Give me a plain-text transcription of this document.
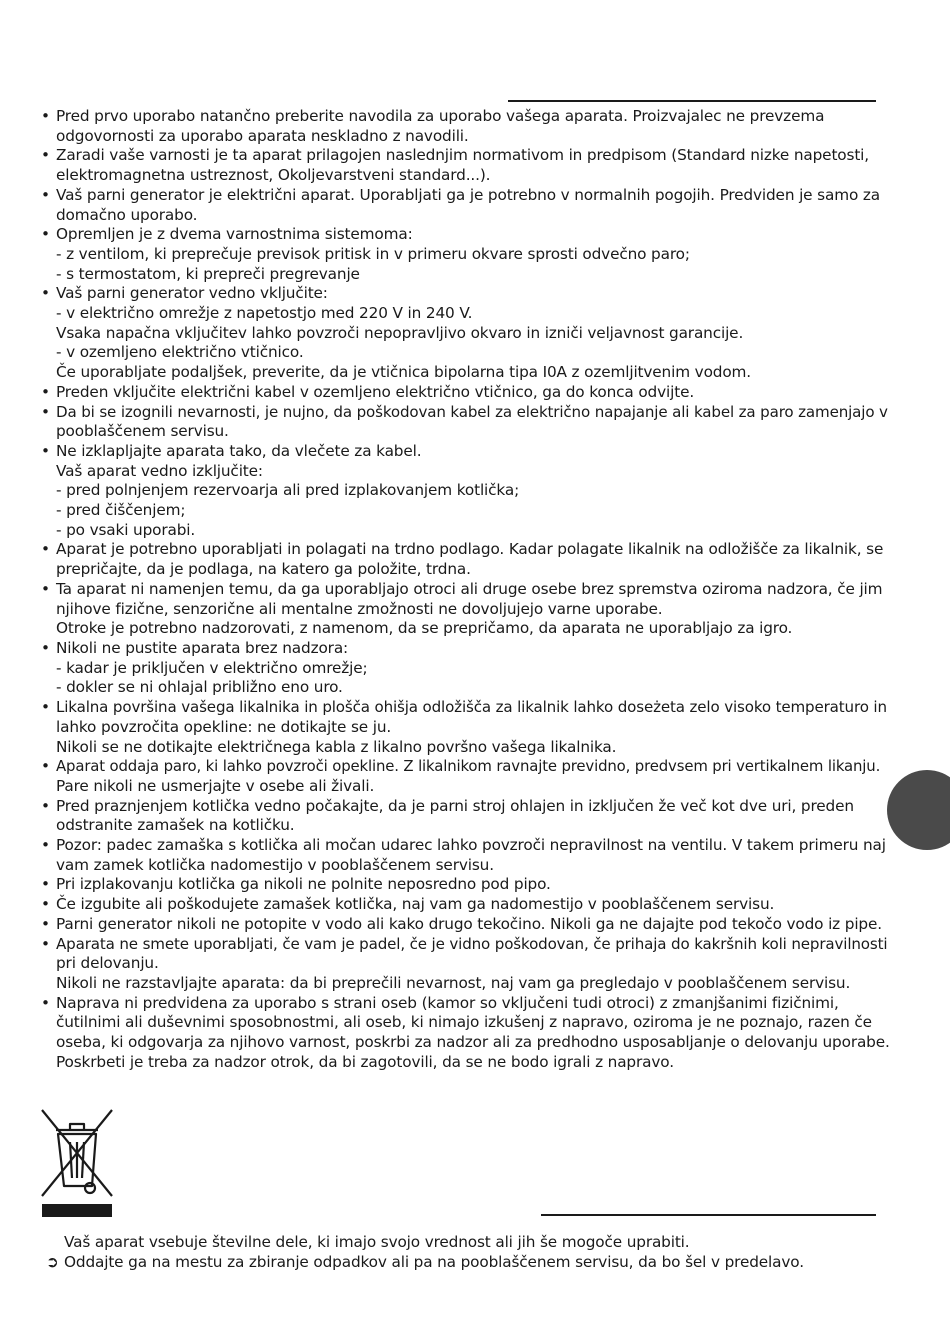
• Pred prvo uporabo natančno preberite navodila za uporabo vašega aparata. Proizvajalec ne prevzema
odgovornosti za uporabo aparata neskladno z navodili.
• Zaradi vaše varnosti je ta aparat prilagojen naslednjim normativom in predpisom (Standard nizke napetosti,
elektromagnetna ustreznost, Okoljevarstveni standard...).
• Vaš parni generator je električni aparat. Uporabljati ga je potrebno v normalnih pogojih. Predviden je samo za
domačno uporabo.
• Opremljen je z dvema varnostnima sistemoma:
- z ventilom, ki preprečuje previsok pritisk in v primeru okvare sprosti odvečno paro;
- s termostatom, ki prepreči pregrevanje
• Vaš parni generator vedno vključite:
- v električno omrežje z napetostjo med 220 V in 240 V.
Vsaka napačna vključitev lahko povzroči nepopravljivo okvaro in izniči veljavnost garancije.
- v ozemljeno električno vtičnico.
Če uporabljate podaljšek, preverite, da je vtičnica bipolarna tipa I0A z ozemljitvenim vodom.
• Preden vključite električni kabel v ozemljeno električno vtičnico, ga do konca odvijte.
• Da bi se izognili nevarnosti, je nujno, da poškodovan kabel za električno napajanje ali kabel za paro zamenjajo v
pooblaščenem servisu.
• Ne izklapljajte aparata tako, da vlečete za kabel.
Vaš aparat vedno izključite:
- pred polnjenjem rezervoarja ali pred izplakovanjem kotlička;
- pred čiščenjem;
- po vsaki uporabi.
• Aparat je potrebno uporabljati in polagati na trdno podlago. Kadar polagate likalnik na odložišče za likalnik, se
prepričajte, da je podlaga, na katero ga položite, trdna.
• Ta aparat ni namenjen temu, da ga uporabljajo otroci ali druge osebe brez spremstva oziroma nadzora, če jim
njihove fizične, senzorične ali mentalne zmožnosti ne dovoljujejo varne uporabe.
Otroke je potrebno nadzorovati, z namenom, da se prepričamo, da aparata ne uporabljajo za igro.
• Nikoli ne pustite aparata brez nadzora:
- kadar je priključen v električno omrežje;
- dokler se ni ohlajal približno eno uro.
• Likalna površina vašega likalnika in plošča ohišja odložišča za likalnik lahko doseżeta zelo visoko temperaturo in
lahko povzročita opekline: ne dotikajte se ju.
Nikoli se ne dotikajte električnega kabla z likalno površno vašega likalnika.
• Aparat oddaja paro, ki lahko povzroči opekline. Z likalnikom ravnajte previdno, predvsem pri vertikalnem likanju.
Pare nikoli ne usmerjajte v osebe ali živali.
• Pred praznjenjem kotlička vedno počakajte, da je parni stroj ohlajen in izključen že več kot dve uri, preden
odstranite zamašek na kotličku.
• Pozor: padec zamaška s kotlička ali močan udarec lahko povzroči nepravilnost na ventilu. V takem primeru naj
vam zamek kotlička nadomestijo v pooblaščenem servisu.
• Pri izplakovanju kotlička ga nikoli ne polnite neposredno pod pipo.
• Če izgubite ali poškodujete zamašek kotlička, naj vam ga nadomestijo v pooblaščenem servisu.
• Parni generator nikoli ne potopite v vodo ali kako drugo tekočino. Nikoli ga ne dajajte pod tekočo vodo iz pipe.
• Aparata ne smete uporabljati, če vam je padel, če je vidno poškodovan, če prihaja do kakršnih koli nepravilnosti
pri delovanju.
Nikoli ne razstavljajte aparata: da bi preprečili nevarnost, naj vam ga pregledajo v pooblaščenem servisu.
• Naprava ni predvidena za uporabo s strani oseb (kamor so vključeni tudi otroci) z zmanjšanimi fizičnimi,
čutilnimi ali duševnimi sposobnostmi, ali oseb, ki nimajo izkušenj z napravo, oziroma je ne poznajo, razen če
oseba, ki odgovarja za njihovo varnost, poskrbi za nadzor ali za predhodno usposabljanje o delovanju uporabe.
Poskrbeti je treba za nadzor otrok, da bi zagotovili, da se ne bodo igrali z napravo.
Vaš aparat vsebuje številne dele, ki imajo svojo vrednost ali jih še mogoče uprabiti.
➲ Oddajte ga na mestu za zbiranje odpadkov ali pa na pooblaščenem servisu, da bo šel v predelavo.
